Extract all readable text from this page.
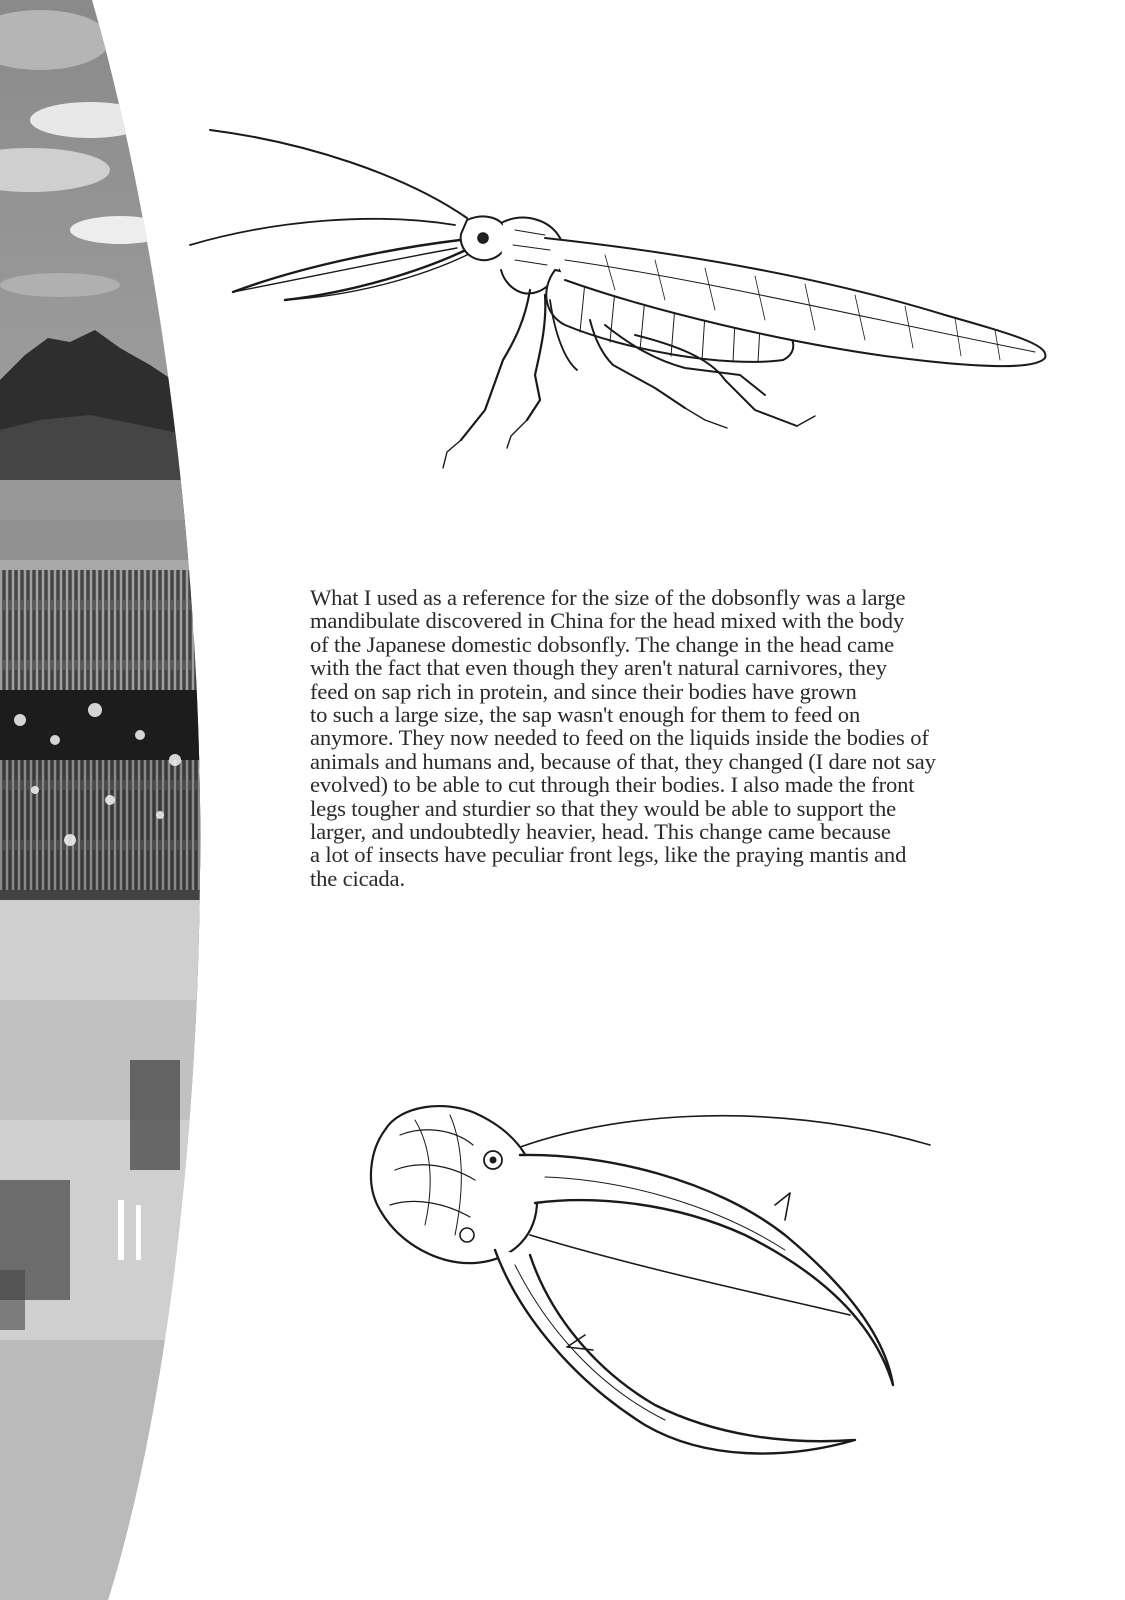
What I used as a reference for the size of the dobsonfly was a large
mandibulate discovered in China for the head mixed with the body
of the Japanese domestic dobsonfly. The change in the head came
with the fact that even though they aren't natural carnivores, they
feed on sap rich in protein, and since their bodies have grown
to such a large size, the sap wasn't enough for them to feed on
anymore. They now needed to feed on the liquids inside the bodies of
animals and humans and, because of that, they changed (I dare not say
evolved) to be able to cut through their bodies. I also made the front
legs tougher and sturdier so that they would be able to support the
larger, and undoubtedly heavier, head. This change came because
a lot of insects have peculiar front legs, like the praying mantis and
the cicada.
